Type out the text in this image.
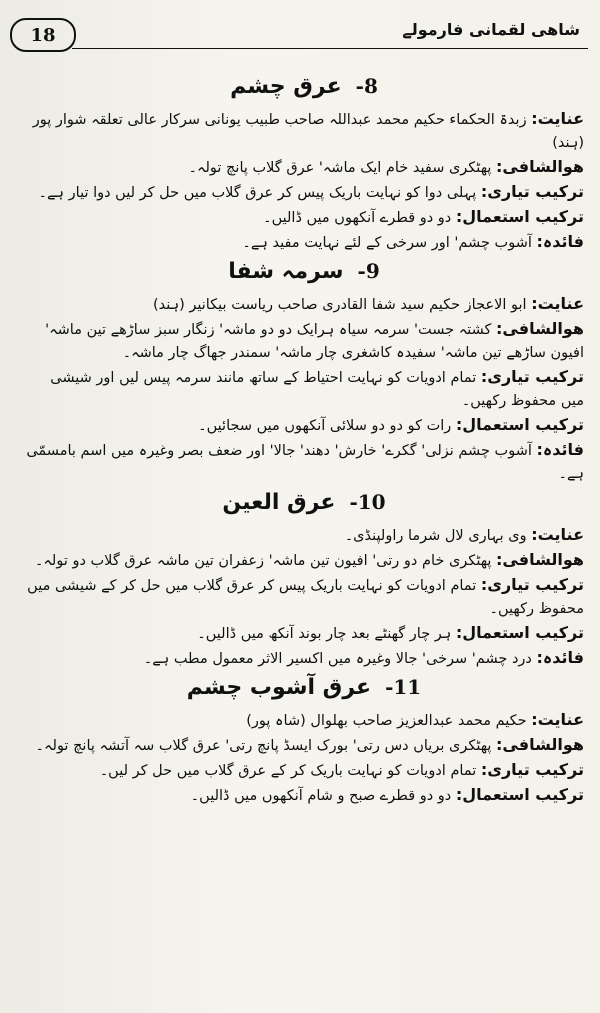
18	شاهی لقمانی فارمولے
8-عرق چشم

عنایت: زبدۃ الحکماء حکیم محمد عبداللہ صاحب طبیب یونانی سرکار عالی تعلقہ شوار پور (ہند)

هوالشافی: پھٹکری سفید خام ایک ماشہ' عرق گلاب پانچ تولہ۔

ترکیب تیاری: پہلی دوا کو نہایت باریک پیس کر عرق گلاب میں حل کر لیں دوا تیار ہے۔

ترکیب استعمال: دو دو قطرے آنکھوں میں ڈالیں۔

فائدہ: آشوب چشم' اور سرخی کے لئے نہایت مفید ہے۔

9-سرمہ شفا

عنایت: ابو الاعجاز حکیم سید شفا القادری صاحب ریاست بیکانیر (ہند)

هوالشافی: کشتہ جست' سرمہ سیاہ ہرایک دو دو ماشہ' زنگار سبز ساڑھے تین ماشہ' افیون ساڑھے تین ماشہ' سفیدہ کاشغری چار ماشہ' سمندر جھاگ چار ماشہ۔

ترکیب تیاری: تمام ادویات کو نہایت احتیاط کے ساتھ مانند سرمہ پیس لیں اور شیشی میں محفوظ رکھیں۔

ترکیب استعمال: رات کو دو دو سلائی آنکھوں میں سجائیں۔

فائدہ: آشوب چشم نزلی' گکرے' خارش' دھند' جالا' اور ضعف بصر وغیرہ میں اسم بامسمّی ہے۔

10-عرق العین

عنایت: وی بہاری لال شرما راولپنڈی۔

هوالشافی: پھٹکری خام دو رتی' افیون تین ماشہ' زعفران تین ماشہ عرق گلاب دو تولہ۔

ترکیب تیاری: تمام ادویات کو نہایت باریک پیس کر عرق گلاب میں حل کر کے شیشی میں محفوظ رکھیں۔

ترکیب استعمال: ہر چار گھنٹے بعد چار بوند آنکھ میں ڈالیں۔

فائدہ: درد چشم' سرخی' جالا وغیرہ میں اکسیر الاثر معمول مطب ہے۔

11-عرق آشوب چشم

عنایت: حکیم محمد عبدالعزیز صاحب بھلوال (شاہ پور)

هوالشافی: پھٹکری بریاں دس رتی' بورک ایسڈ پانچ رتی' عرق گلاب سہ آتشہ پانچ تولہ۔

ترکیب تیاری: تمام ادویات کو نہایت باریک کر کے عرق گلاب میں حل کر لیں۔

ترکیب استعمال: دو دو قطرے صبح و شام آنکھوں میں ڈالیں۔
